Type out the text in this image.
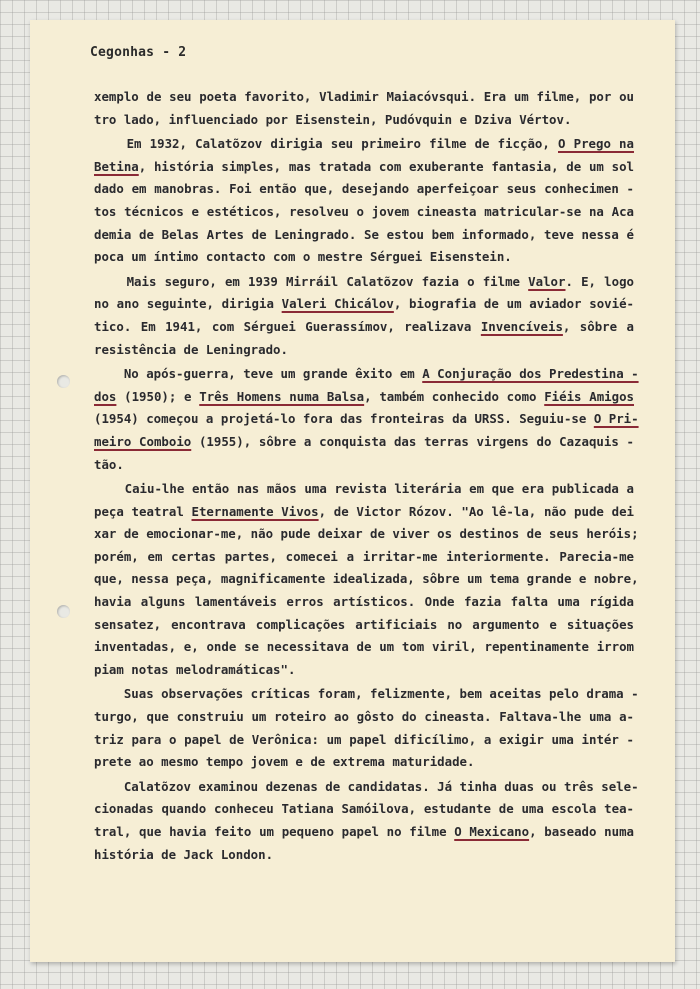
Cegonhas - 2
xemplo de seu poeta favorito, Vladimir Maiacóvsqui. Era um filme, por ou
tro lado, influenciado por Eisenstein, Pudóvquin e Dziva Vértov.
Em 1932, Calatõzov dirigia seu primeiro filme de ficção, O Prego na
Betina, história simples, mas tratada com exuberante fantasia, de um sol
dado em manobras. Foi então que, desejando aperfeiçoar seus conhecimen -
tos técnicos e estéticos, resolveu o jovem cineasta matricular-se na Aca
demia de Belas Artes de Leningrado. Se estou bem informado, teve nessa é
poca um íntimo contacto com o mestre Sérguei Eisenstein.
Mais seguro, em 1939 Mirráil Calatõzov fazia o filme Valor. E, logo
no ano seguinte, dirigia Valeri Chicálov, biografia de um aviador sovié-
tico. Em 1941, com Sérguei Guerassímov, realizava Invencíveis, sôbre a
resistência de Leningrado.
No após-guerra, teve um grande êxito em A Conjuração dos Predestina -
dos (1950); e Três Homens numa Balsa, também conhecido como Fiéis Amigos
(1954) começou a projetá-lo fora das fronteiras da URSS. Seguiu-se O Pri-
meiro Comboio (1955), sôbre a conquista das terras virgens do Cazaquis -
tão.
Caiu-lhe então nas mãos uma revista literária em que era publicada a
peça teatral Eternamente Vivos, de Victor Rózov. "Ao lê-la, não pude dei
xar de emocionar-me, não pude deixar de viver os destinos de seus heróis;
porém, em certas partes, comecei a irritar-me interiormente. Parecia-me
que, nessa peça, magnificamente idealizada, sôbre um tema grande e nobre,
havia alguns lamentáveis erros artísticos. Onde fazia falta uma rígida
sensatez, encontrava complicações artificiais no argumento e situações
inventadas, e, onde se necessitava de um tom viril, repentinamente irrom
piam notas melodramáticas".
Suas observações críticas foram, felizmente, bem aceitas pelo drama -
turgo, que construiu um roteiro ao gôsto do cineasta. Faltava-lhe uma a-
triz para o papel de Verônica: um papel dificílimo, a exigir uma intér -
prete ao mesmo tempo jovem e de extrema maturidade.
Calatõzov examinou dezenas de candidatas. Já tinha duas ou três sele-
cionadas quando conheceu Tatiana Samóilova, estudante de uma escola tea-
tral, que havia feito um pequeno papel no filme O Mexicano, baseado numa
história de Jack London.
